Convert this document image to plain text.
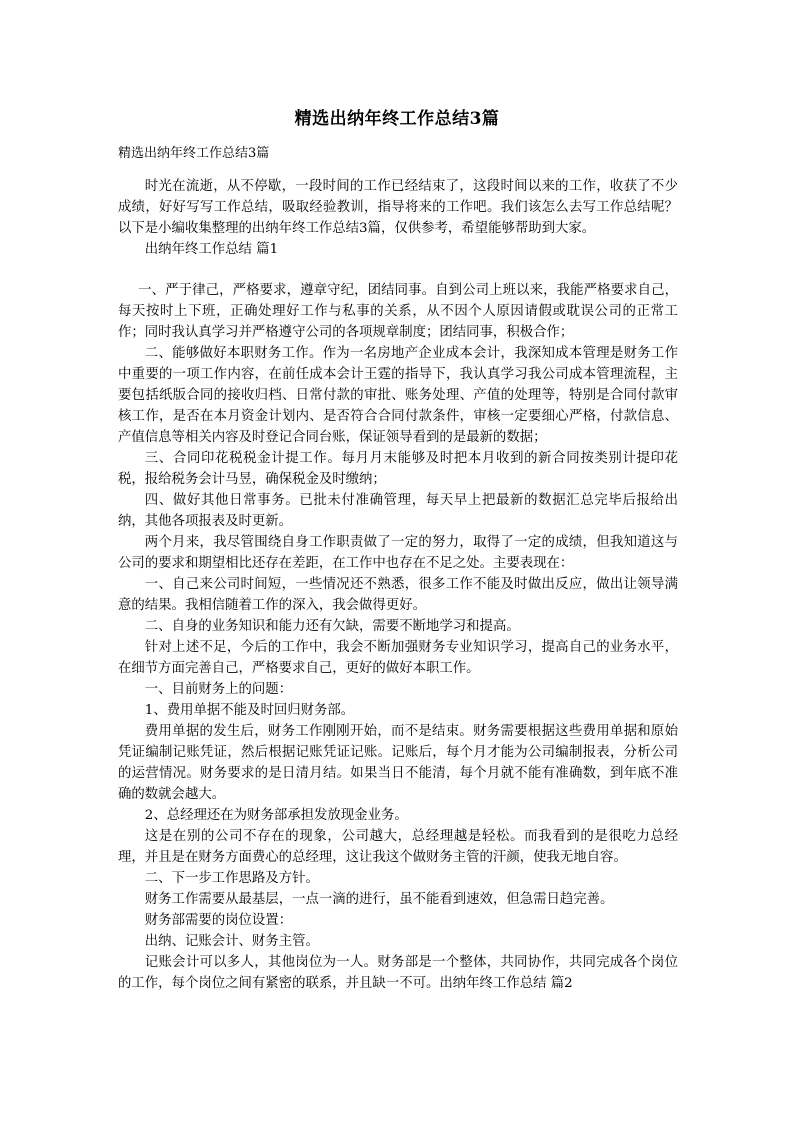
精选出纳年终工作总结3篇
精选出纳年终工作总结3篇

时光在流逝，从不停歇，一段时间的工作已经结束了，这段时间以来的工作，收获了不少成绩，好好写写工作总结，吸取经验教训，指导将来的工作吧。我们该怎么去写工作总结呢？以下是小编收集整理的出纳年终工作总结3篇，仅供参考，希望能够帮助到大家。

出纳年终工作总结 篇1

一、严于律己，严格要求，遵章守纪，团结同事。自到公司上班以来，我能严格要求自己，每天按时上下班，正确处理好工作与私事的关系，从不因个人原因请假或耽误公司的正常工作；同时我认真学习并严格遵守公司的各项规章制度；团结同事，积极合作；

二、能够做好本职财务工作。作为一名房地产企业成本会计，我深知成本管理是财务工作中重要的一项工作内容，在前任成本会计王霆的指导下，我认真学习我公司成本管理流程，主要包括纸版合同的接收归档、日常付款的审批、账务处理、产值的处理等，特别是合同付款审核工作，是否在本月资金计划内、是否符合合同付款条件，审核一定要细心严格，付款信息、产值信息等相关内容及时登记合同台账，保证领导看到的是最新的数据；

三、合同印花税税金计提工作。每月月末能够及时把本月收到的新合同按类别计提印花税，报给税务会计马昱，确保税金及时缴纳；

四、做好其他日常事务。已批未付准确管理，每天早上把最新的数据汇总完毕后报给出纳，其他各项报表及时更新。

两个月来，我尽管围绕自身工作职责做了一定的努力，取得了一定的成绩，但我知道这与公司的要求和期望相比还存在差距，在工作中也存在不足之处。主要表现在：

一、自己来公司时间短，一些情况还不熟悉，很多工作不能及时做出反应，做出让领导满意的结果。我相信随着工作的深入，我会做得更好。

二、自身的业务知识和能力还有欠缺，需要不断地学习和提高。

针对上述不足，今后的工作中，我会不断加强财务专业知识学习，提高自己的业务水平，在细节方面完善自己，严格要求自己，更好的做好本职工作。

一、目前财务上的问题：

1、费用单据不能及时回归财务部。

费用单据的发生后，财务工作刚刚开始，而不是结束。财务需要根据这些费用单据和原始凭证编制记账凭证，然后根据记账凭证记账。记账后，每个月才能为公司编制报表，分析公司的运营情况。财务要求的是日清月结。如果当日不能清，每个月就不能有准确数，到年底不准确的数就会越大。

2、总经理还在为财务部承担发放现金业务。

这是在别的公司不存在的现象，公司越大，总经理越是轻松。而我看到的是很吃力总经理，并且是在财务方面费心的总经理，这让我这个做财务主管的汗颜，使我无地自容。

二、下一步工作思路及方针。

财务工作需要从最基层，一点一滴的进行，虽不能看到速效，但急需日趋完善。

财务部需要的岗位设置：

出纳、记账会计、财务主管。

记账会计可以多人，其他岗位为一人。财务部是一个整体，共同协作，共同完成各个岗位的工作，每个岗位之间有紧密的联系，并且缺一不可。出纳年终工作总结 篇2
